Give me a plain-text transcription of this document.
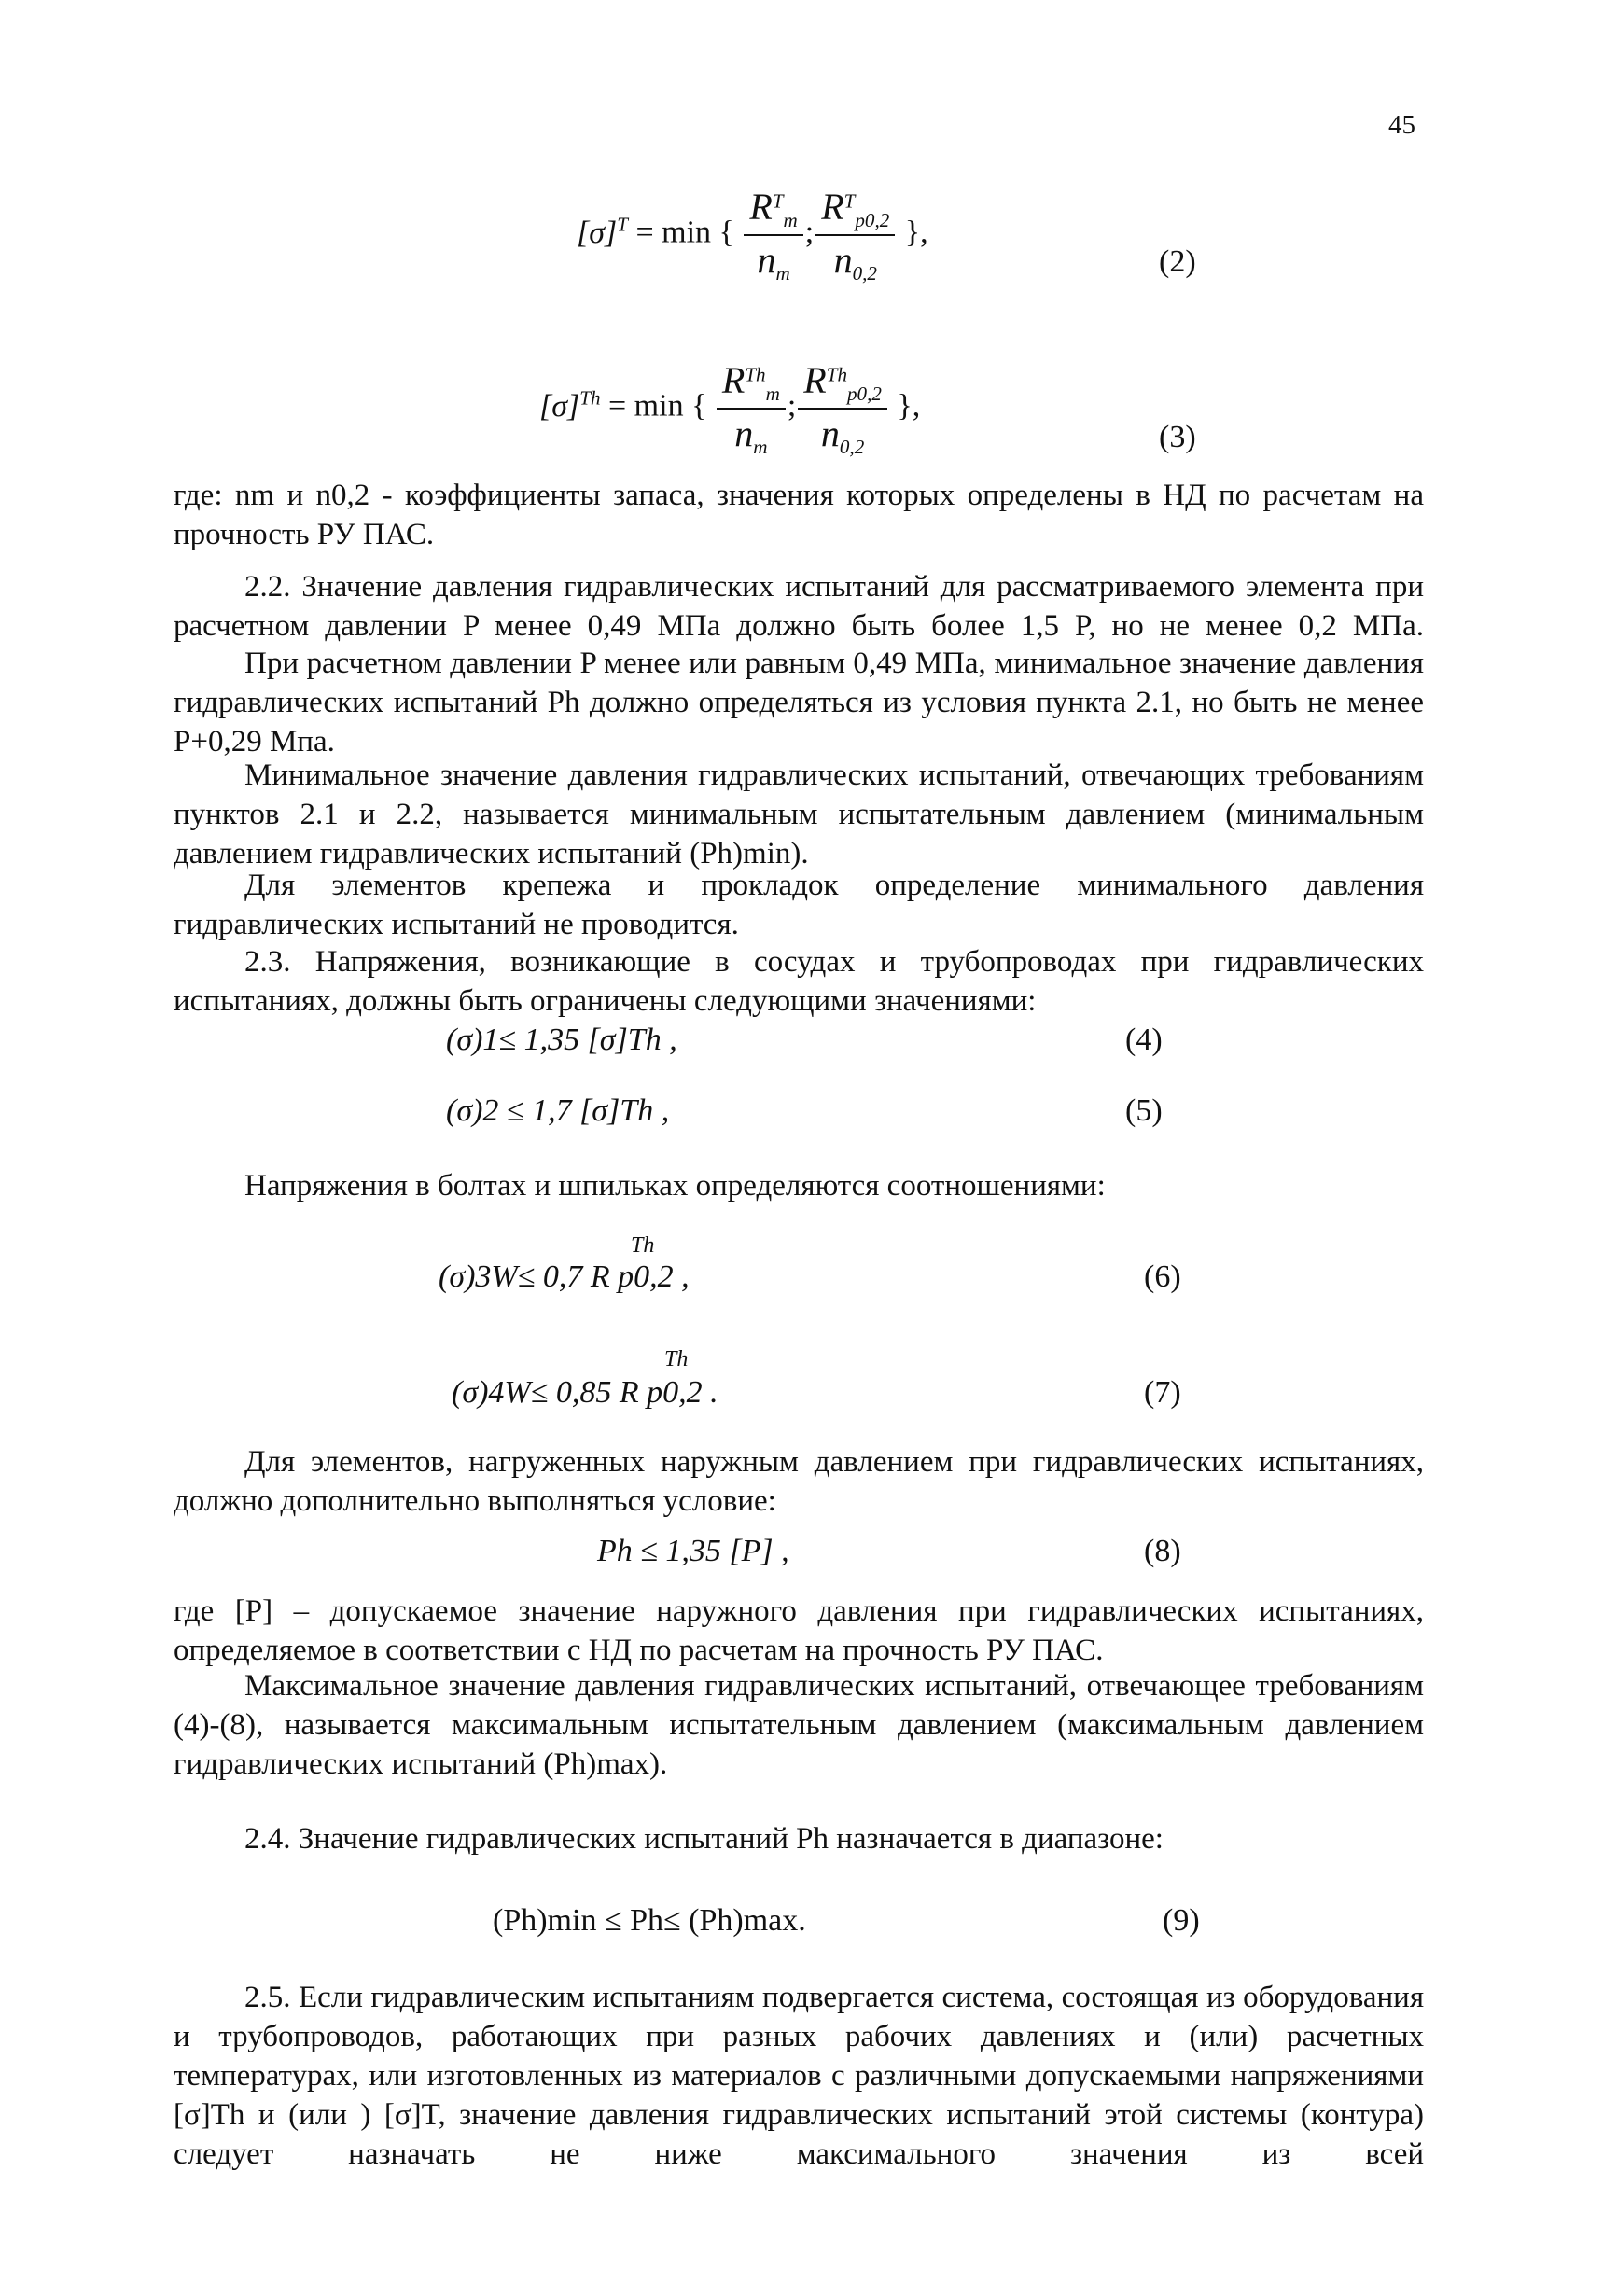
45
$[\sigma]^T = \min$ { $\frac{R^T_m}{n_m}$ ; $\frac{R^T_{p0,2}}{n_{0,2}}$ },
(2)
$[\sigma]^{Th} = \min$ { $\frac{R^{Th}_m}{n_m}$ ; $\frac{R^{Th}_{p0,2}}{n_{0,2}}$ },
(3)

где: nm и n0,2 - коэффициенты запаса, значения которых определены в НД по расчетам на прочность РУ ПАС.

2.2. Значение давления гидравлических испытаний для рассматриваемого элемента при расчетном давлении P менее 0,49 МПа должно быть более 1,5 Р, но не менее 0,2 МПа.

При расчетном давлении P менее или равным 0,49 МПа, минимальное значение давления гидравлических испытаний Ph должно определяться из условия пункта 2.1, но быть не менее P+0,29 Мпа.

Минимальное значение давления гидравлических испытаний, отвечающих требованиям пунктов 2.1 и 2.2, называется минимальным испытательным давлением (минимальным давлением гидравлических испытаний (Ph)min).

Для элементов крепежа и прокладок определение минимального давления гидравлических испытаний не проводится.

2.3. Напряжения, возникающие в сосудах и трубопроводах при гидравлических испытаниях, должны быть ограничены следующими значениями:

(σ)1≤ 1,35 [σ]Th ,	(4)
(σ)2 ≤ 1,7 [σ]Th ,	(5)

Напряжения в болтах и шпильках определяются соотношениями:

Th
(σ)3W≤ 0,7 R p0,2 ,	(6)
Th
(σ)4W≤ 0,85 R p0,2 .	(7)

Для элементов, нагруженных наружным давлением при гидравлических испытаниях, должно дополнительно выполняться условие:

Ph ≤ 1,35 [P] ,	(8)

где [P] – допускаемое значение наружного давления при гидравлических испытаниях, определяемое в соответствии с НД по расчетам на прочность РУ ПАС.

Максимальное значение давления гидравлических испытаний, отвечающее требованиям (4)-(8), называется максимальным испытательным давлением (максимальным давлением гидравлических испытаний (Ph)max).

2.4. Значение гидравлических испытаний Ph назначается в диапазоне:

(Ph)min ≤ Ph≤ (Ph)max.	(9)

2.5. Если гидравлическим испытаниям подвергается система, состоящая из оборудования и трубопроводов, работающих при разных рабочих давлениях и (или) расчетных температурах, или изготовленных из материалов с различными допускаемыми напряжениями [σ]Th и (или ) [σ]T, значение давления гидравлических испытаний этой системы (контура) следует назначать не ниже максимального значения из всей
